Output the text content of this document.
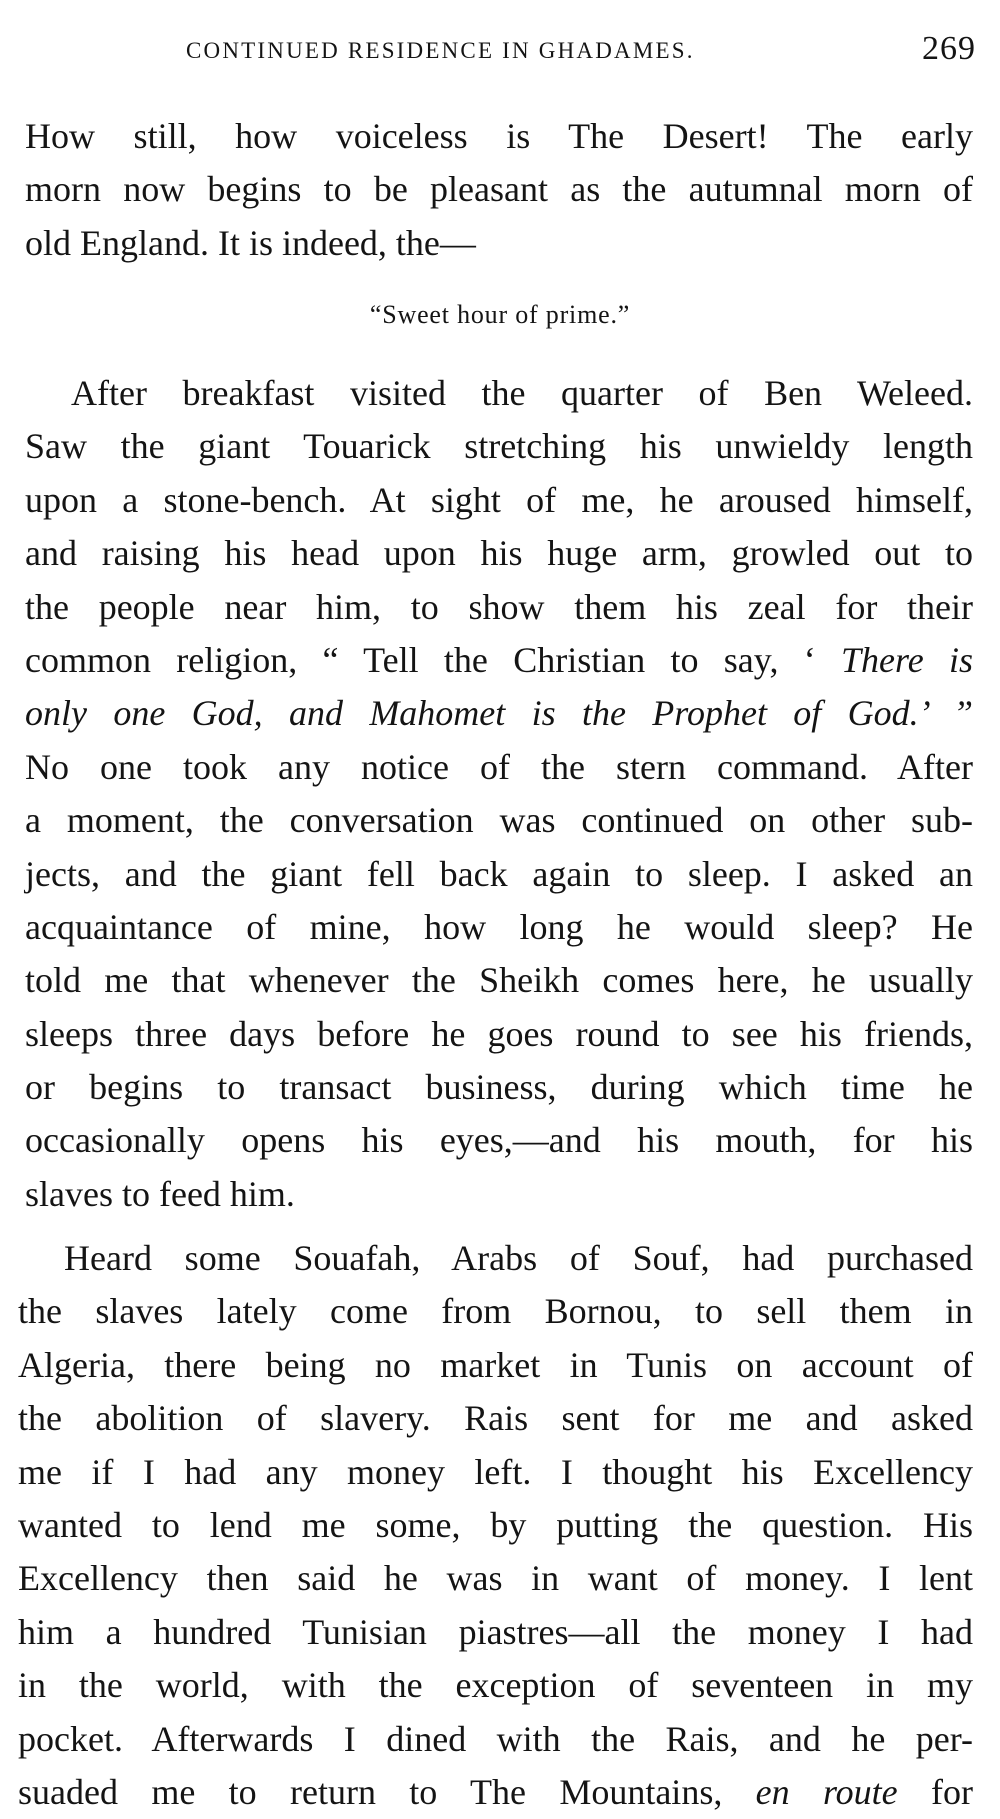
CONTINUED RESIDENCE IN GHADAMES.	269
How still, how voiceless is The Desert! The early
morn now begins to be pleasant as the autumnal morn of
old England. It is indeed, the—
“Sweet hour of prime.”
After breakfast visited the quarter of Ben Weleed.
Saw the giant Touarick stretching his unwieldy length
upon a stone-bench. At sight of me, he aroused himself,
and raising his head upon his huge arm, growled out to
the people near him, to show them his zeal for their
common religion, “ Tell the Christian to say, ‘ There is
only one God, and Mahomet is the Prophet of God.’ ”
No one took any notice of the stern command. After
a moment, the conversation was continued on other sub-
jects, and the giant fell back again to sleep. I asked an
acquaintance of mine, how long he would sleep? He
told me that whenever the Sheikh comes here, he usually
sleeps three days before he goes round to see his friends,
or begins to transact business, during which time he
occasionally opens his eyes,—and his mouth, for his
slaves to feed him.
Heard some Souafah, Arabs of Souf, had purchased
the slaves lately come from Bornou, to sell them in
Algeria, there being no market in Tunis on account of
the abolition of slavery. Rais sent for me and asked
me if I had any money left. I thought his Excellency
wanted to lend me some, by putting the question. His
Excellency then said he was in want of money. I lent
him a hundred Tunisian piastres—all the money I had
in the world, with the exception of seventeen in my
pocket. Afterwards I dined with the Rais, and he per-
suaded me to return to The Mountains, en route for
